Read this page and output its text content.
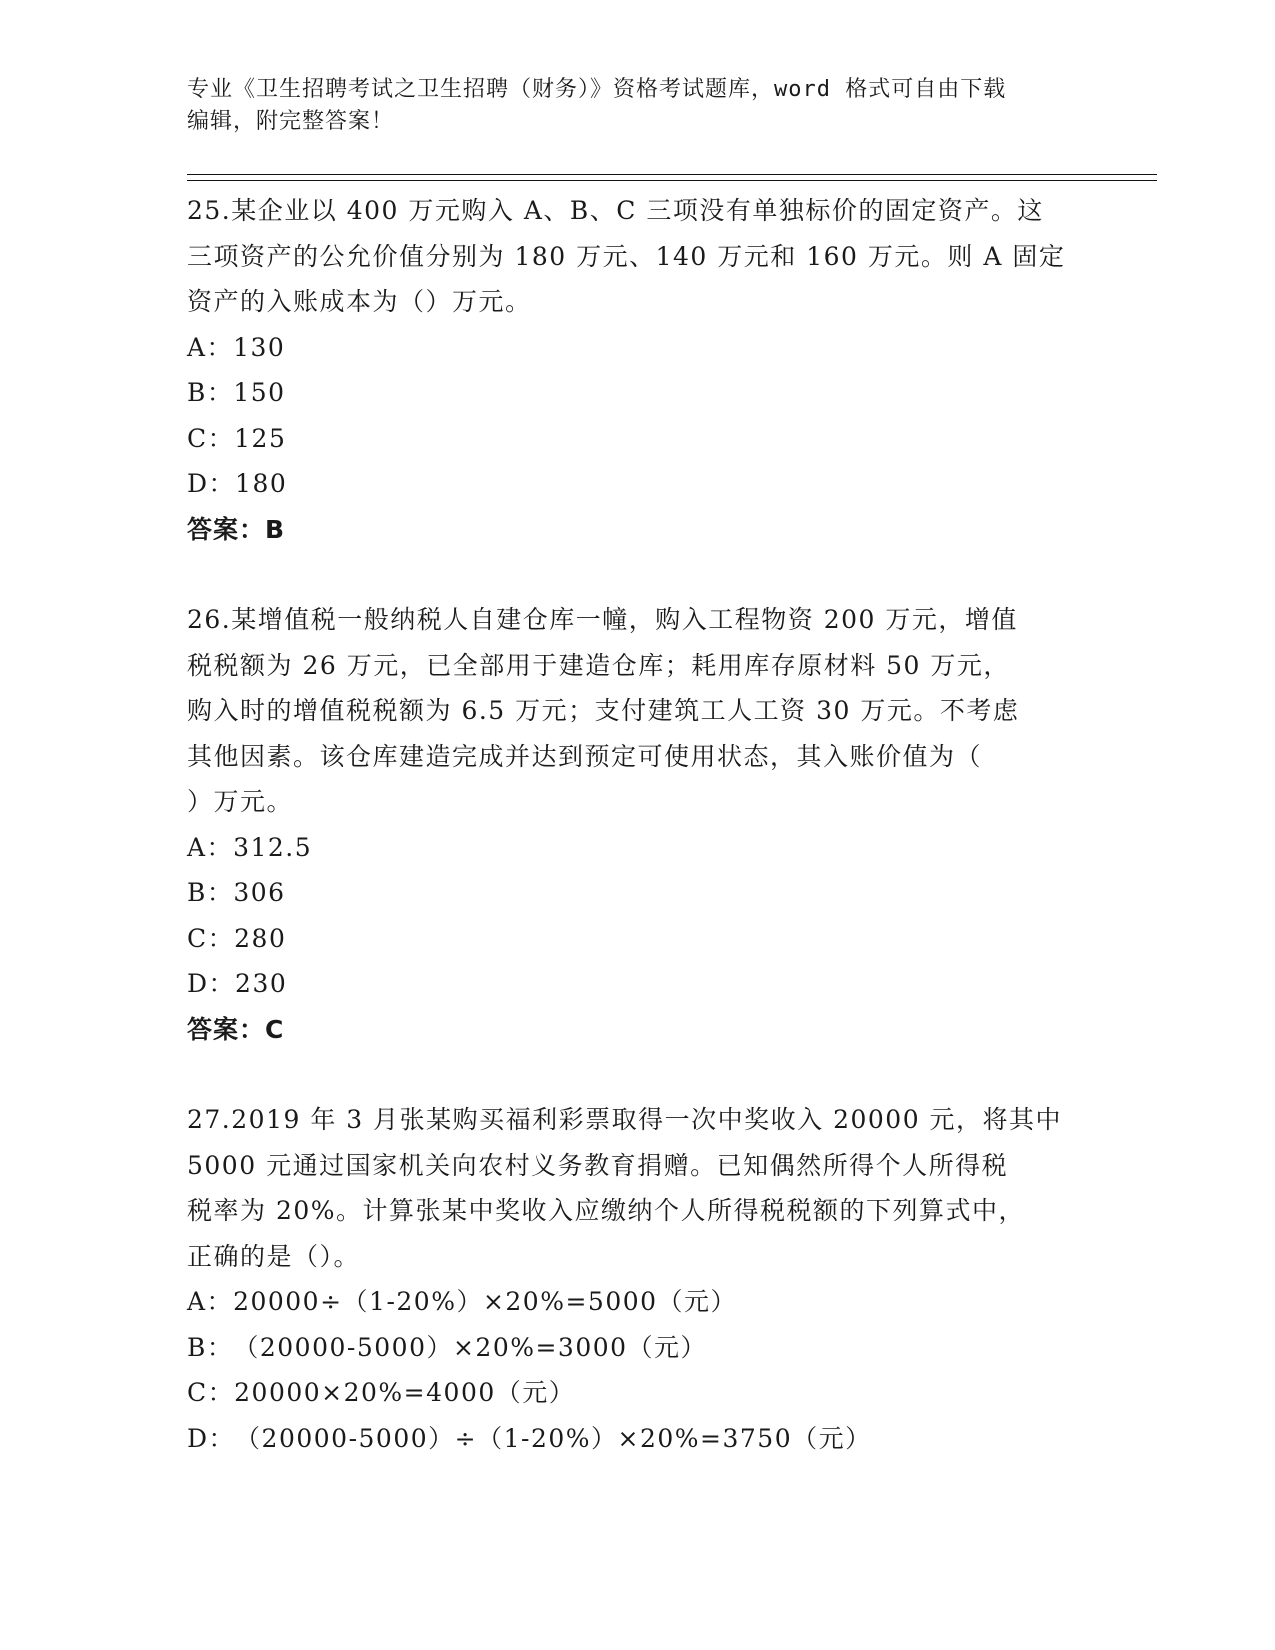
专业《卫生招聘考试之卫生招聘（财务）》资格考试题库，word 格式可自由下载

编辑，附完整答案！

25.某企业以 400 万元购入 A、B、C 三项没有单独标价的固定资产。这

三项资产的公允价值分别为 180 万元、140 万元和 160 万元。则 A 固定

资产的入账成本为（）万元。

A： 130
B： 150
C： 125
D： 180

答案：B

26.某增值税一般纳税人自建仓库一幢，购入工程物资 200 万元，增值

税税额为 26 万元，已全部用于建造仓库；耗用库存原材料 50 万元，

购入时的增值税税额为 6.5 万元；支付建筑工人工资 30 万元。不考虑

其他因素。该仓库建造完成并达到预定可使用状态，其入账价值为（

）万元。

A： 312.5
B： 306
C： 280
D： 230

答案：C

27.2019 年 3 月张某购买福利彩票取得一次中奖收入 20000 元，将其中

5000 元通过国家机关向农村义务教育捐赠。已知偶然所得个人所得税

税率为 20%。计算张某中奖收入应缴纳个人所得税税额的下列算式中，

正确的是（）。

A： 20000÷（1-20%）×20%=5000（元）
B： （20000-5000）×20%=3000（元）
C： 20000×20%=4000（元）
D： （20000-5000）÷（1-20%）×20%=3750（元）
